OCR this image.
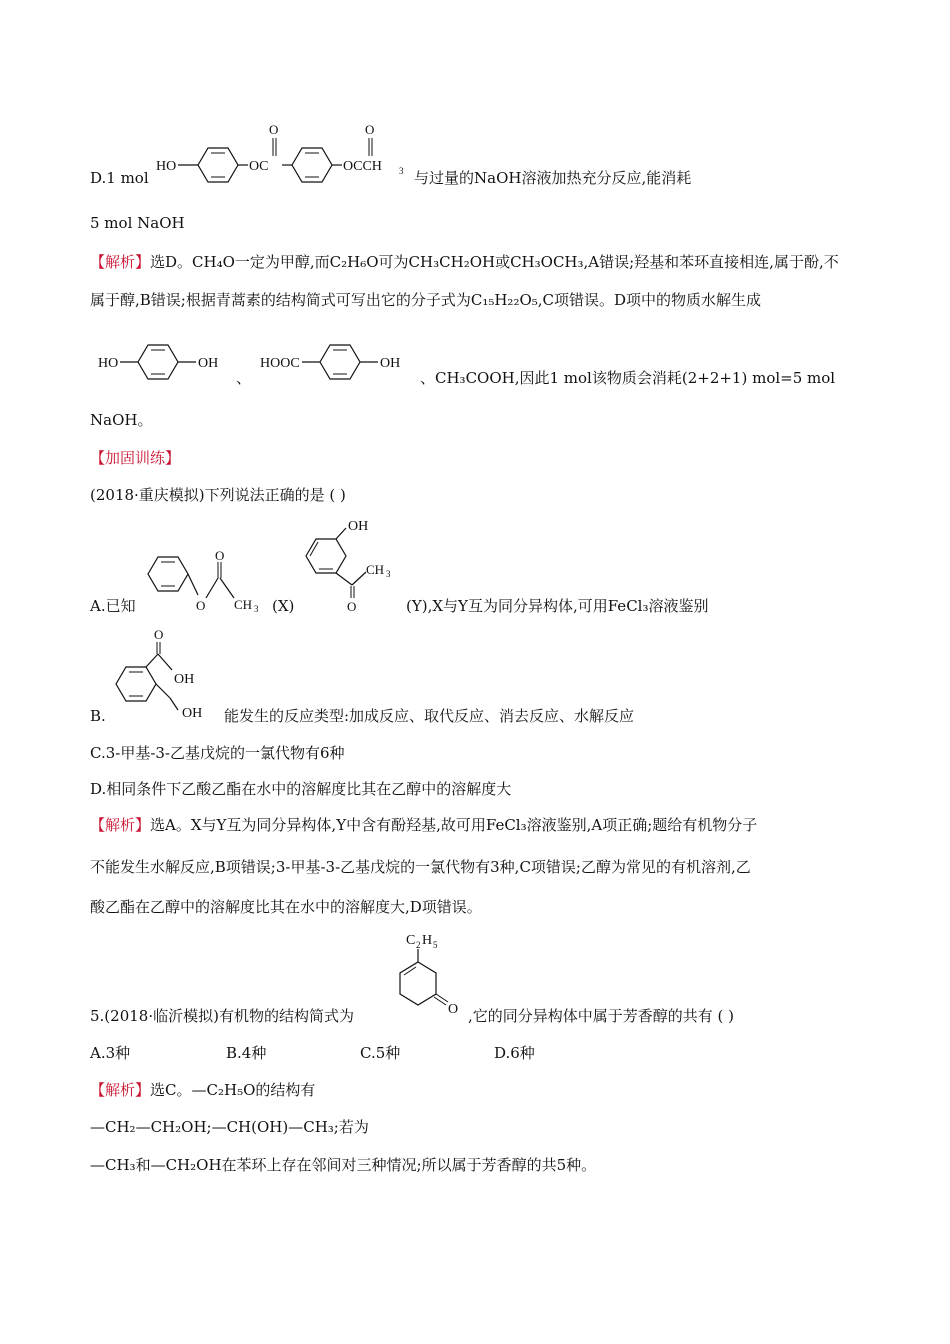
D.1 mol
HO	OC
O
OCCH 3
O
与过量的NaOH溶液加热充分反应,能消耗
5 mol NaOH
【解析】选D。CH₄O一定为甲醇,而C₂H₆O可为CH₃CH₂OH或CH₃OCH₃,A错误;羟基和苯环直接相连,属于酚,不
属于醇,B错误;根据青蒿素的结构简式可写出它的分子式为C₁₅H₂₂O₅,C项错误。D项中的物质水解生成
HO	OH
、
HOOC	OH
、CH₃COOH,因此1 mol该物质会消耗(2+2+1) mol=5 mol
NaOH。
【加固训练】
(2018·重庆模拟)下列说法正确的是 ( )
A.已知	O
O
CH 3 (X)
OH
CH 3
O	(Y),X与Y互为同分异构体,可用FeCl₃溶液鉴别
B.
O
OH
OH 能发生的反应类型:加成反应、取代反应、消去反应、水解反应
C.3-甲基-3-乙基戊烷的一氯代物有6种
D.相同条件下乙酸乙酯在水中的溶解度比其在乙醇中的溶解度大
【解析】选A。X与Y互为同分异构体,Y中含有酚羟基,故可用FeCl₃溶液鉴别,A项正确;题给有机物分子
不能发生水解反应,B项错误;3-甲基-3-乙基戊烷的一氯代物有3种,C项错误;乙醇为常见的有机溶剂,乙
酸乙酯在乙醇中的溶解度比其在水中的溶解度大,D项错误。
5.(2018·临沂模拟)有机物的结构简式为
C 2 H 5
O ,它的同分异构体中属于芳香醇的共有 ( )
A.3种	B.4种	C.5种	D.6种
【解析】选C。—C₂H₅O的结构有
—CH₂—CH₂OH;—CH(OH)—CH₃;若为
—CH₃和—CH₂OH在苯环上存在邻间对三种情况;所以属于芳香醇的共5种。
